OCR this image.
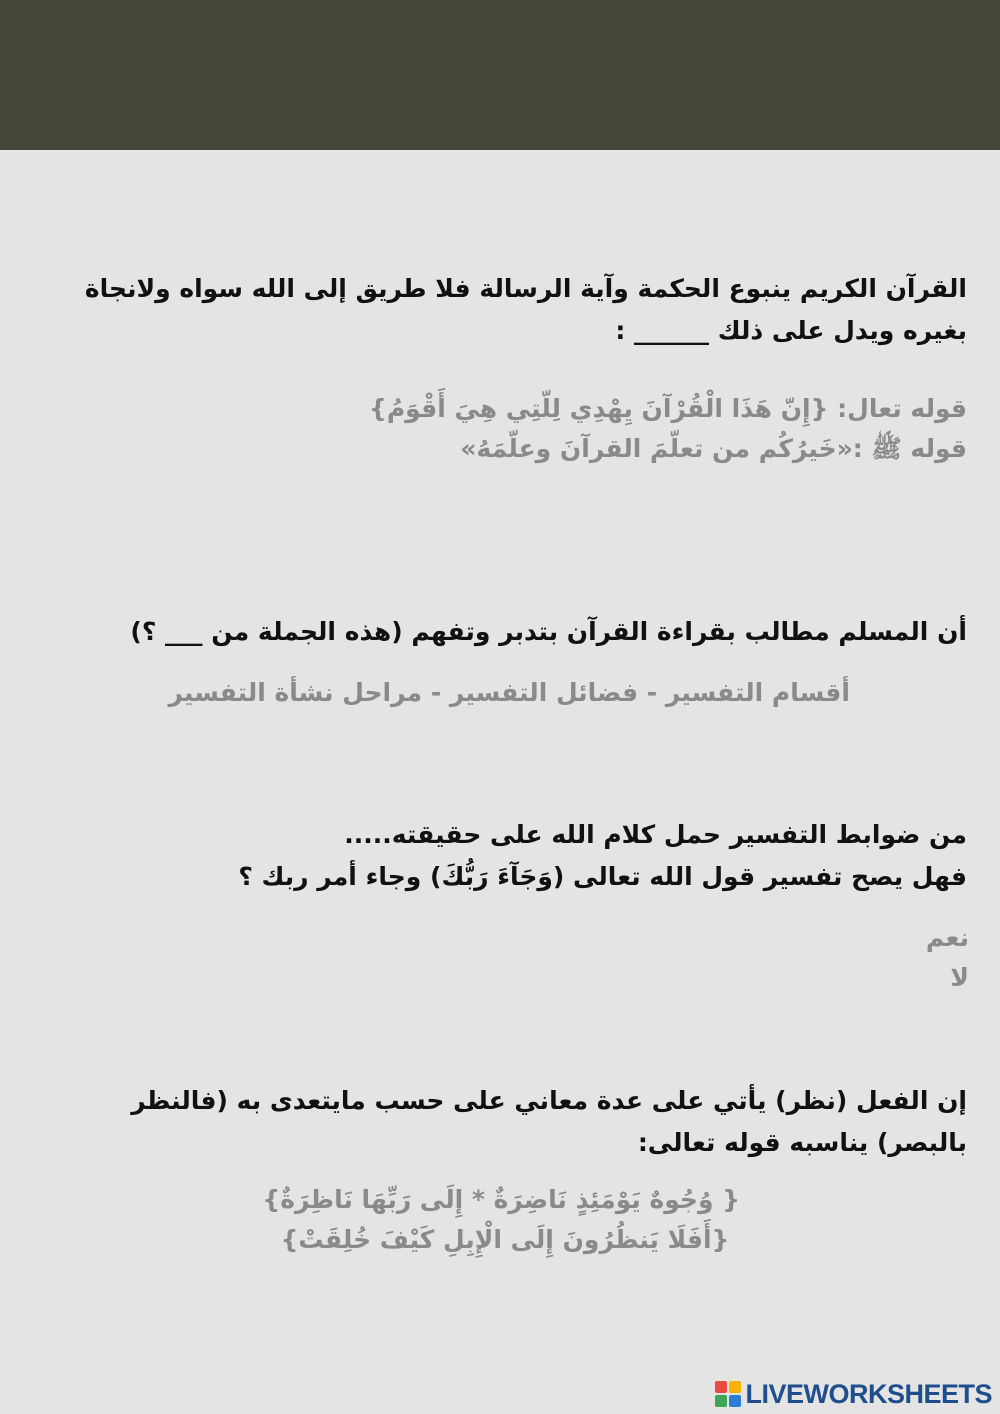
القرآن الكريم ينبوع الحكمة وآية الرسالة فلا طريق إلى الله سواه ولانجاة
بغيره ويدل على ذلك ______ :
قوله تعال: {إِنّ هَذَا الْقُرْآنَ يِهْدِي لِلّتِي هِيَ أَقْوَمُ}
قوله ﷺ :«خَيرُكُم من تعلّمَ القرآنَ وعلّمَهُ»
أن المسلم مطالب بقراءة القرآن بتدبر وتفهم (هذه الجملة من ___ ؟)
أقسام التفسير - فضائل التفسير - مراحل نشأة التفسير
من ضوابط التفسير حمل كلام الله على حقيقته.....
فهل يصح تفسير قول الله تعالى (وَجَآءَ رَبُّكَ) وجاء أمر ربك ؟
نعم
لا
إن الفعل (نظر) يأتي على عدة معاني على حسب مايتعدى به (فالنظر
بالبصر) يناسبه قوله تعالى:
{ وُجُوهٌ يَوْمَئِذٍ نَاضِرَةٌ * إِلَى رَبِّهَا نَاظِرَةٌ}
{أَفَلَا يَنظُرُونَ إِلَى الْإِبِلِ كَيْفَ خُلِقَتْ}
LIVEWORKSHEETS
